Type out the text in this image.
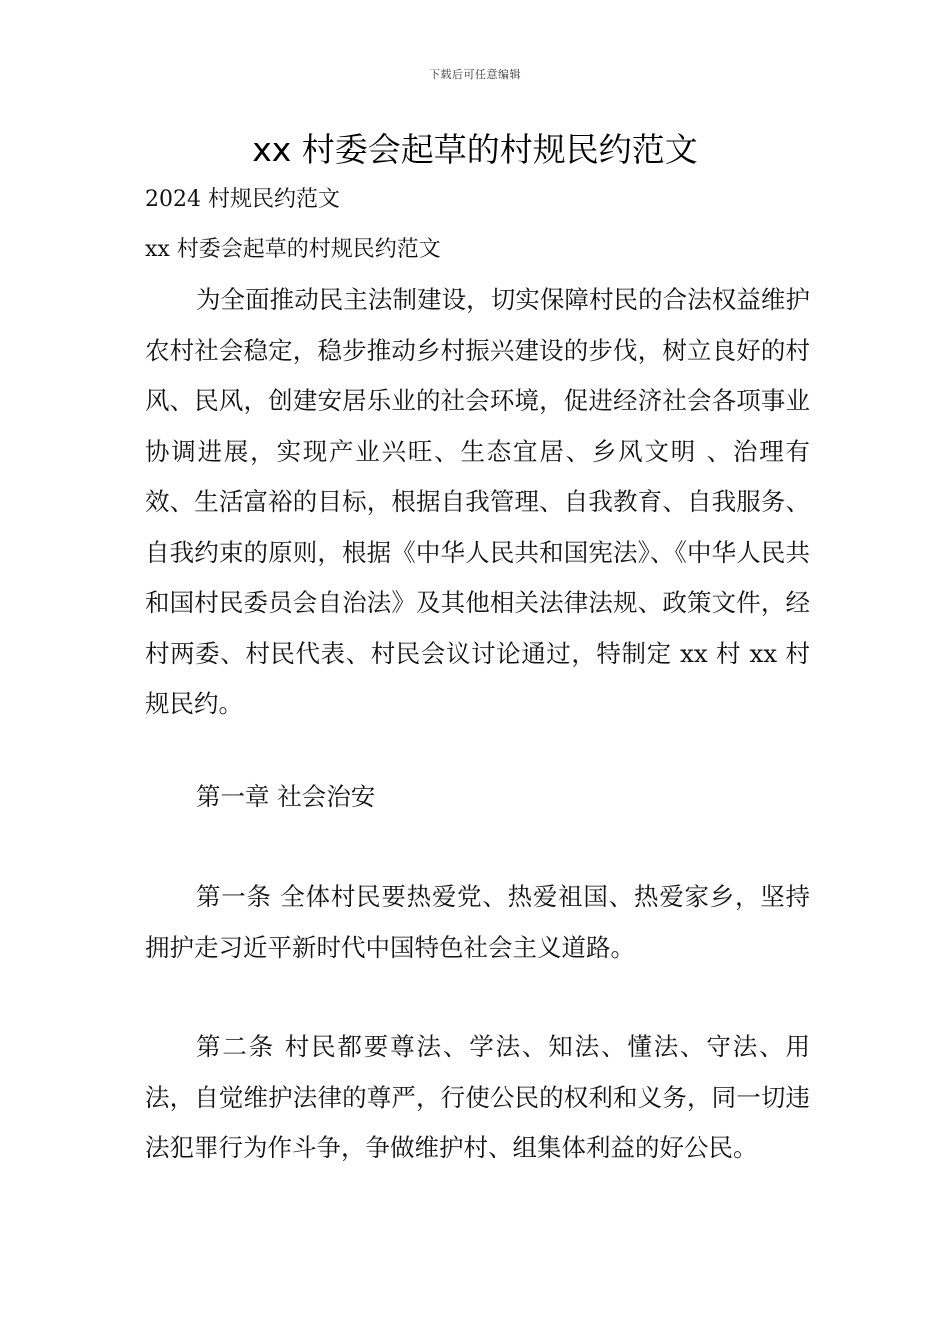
下载后可任意编辑
xx 村委会起草的村规民约范文
2024 村规民约范文
xx 村委会起草的村规民约范文

为全面推动民主法制建设，切实保障村民的合法权益维护农村社会稳定，稳步推动乡村振兴建设的步伐，树立良好的村风、民风，创建安居乐业的社会环境，促进经济社会各项事业协调进展，实现产业兴旺、生态宜居、乡风文明 、治理有效、生活富裕的目标，根据自我管理、自我教育、自我服务、自我约束的原则，根据《中华人民共和国宪法》、《中华人民共和国村民委员会自治法》及其他相关法律法规、政策文件，经村两委、村民代表、村民会议讨论通过，特制定 xx 村 xx 村规民约。

第一章 社会治安

第一条 全体村民要热爱党、热爱祖国、热爱家乡，坚持拥护走习近平新时代中国特色社会主义道路。

第二条 村民都要尊法、学法、知法、懂法、守法、用法，自觉维护法律的尊严，行使公民的权利和义务，同一切违法犯罪行为作斗争，争做维护村、组集体利益的好公民。
